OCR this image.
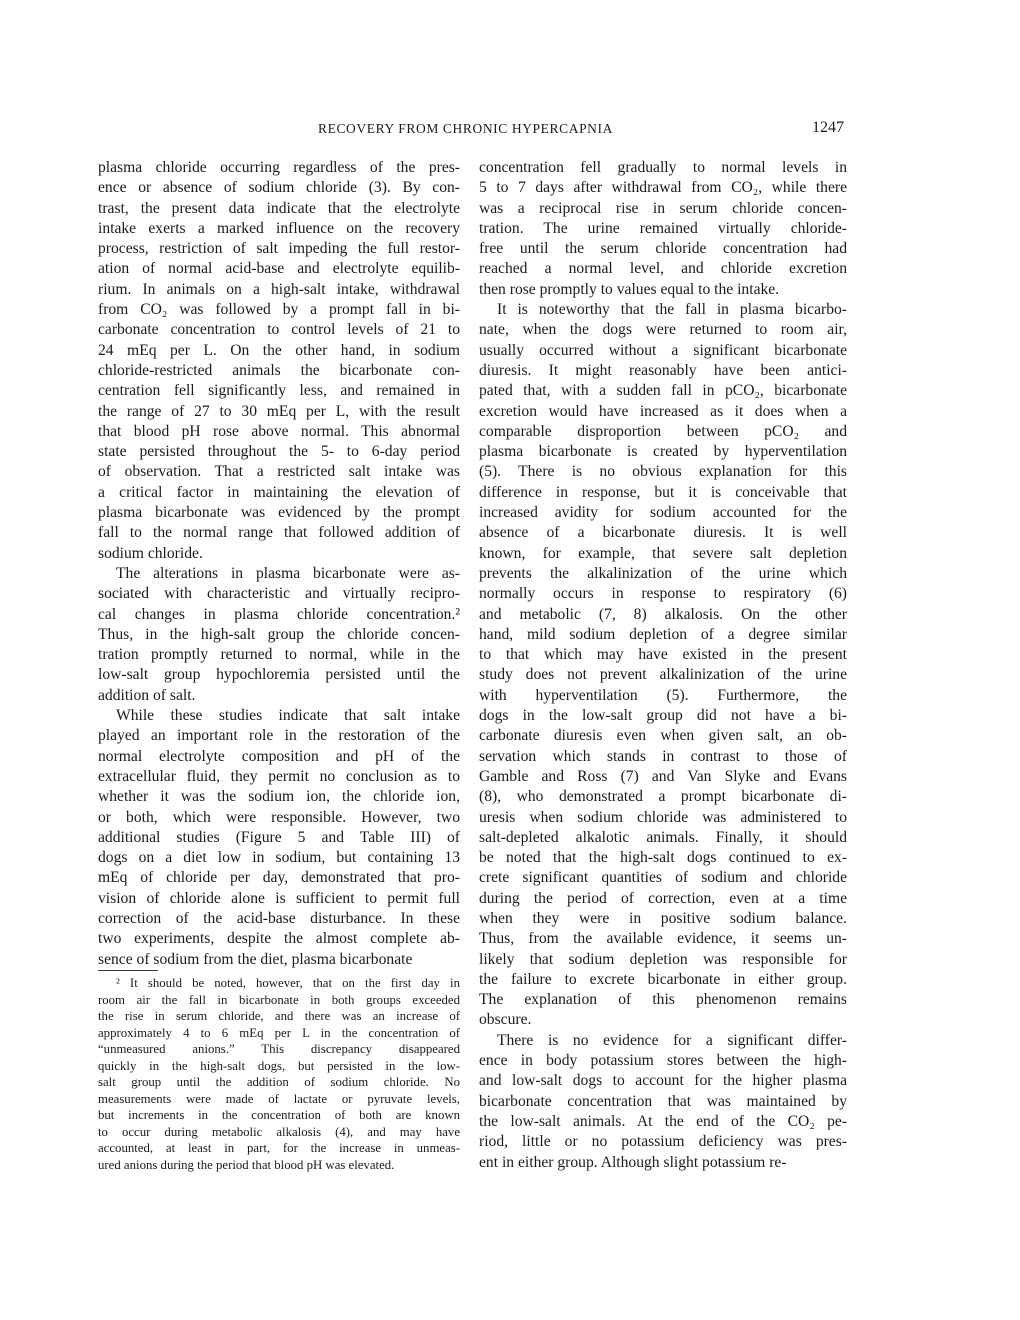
RECOVERY FROM CHRONIC HYPERCAPNIA	1247
plasma chloride occurring regardless of the pres-
ence or absence of sodium chloride (3). By con-
trast, the present data indicate that the electrolyte
intake exerts a marked influence on the recovery
process, restriction of salt impeding the full restor-
ation of normal acid-base and electrolyte equilib-
rium. In animals on a high-salt intake, withdrawal
from CO₂ was followed by a prompt fall in bi-
carbonate concentration to control levels of 21 to
24 mEq per L. On the other hand, in sodium
chloride-restricted animals the bicarbonate con-
centration fell significantly less, and remained in
the range of 27 to 30 mEq per L, with the result
that blood pH rose above normal. This abnormal
state persisted throughout the 5- to 6-day period
of observation. That a restricted salt intake was
a critical factor in maintaining the elevation of
plasma bicarbonate was evidenced by the prompt
fall to the normal range that followed addition of
sodium chloride.
The alterations in plasma bicarbonate were as-
sociated with characteristic and virtually recipro-
cal changes in plasma chloride concentration.²
Thus, in the high-salt group the chloride concen-
tration promptly returned to normal, while in the
low-salt group hypochloremia persisted until the
addition of salt.
While these studies indicate that salt intake
played an important role in the restoration of the
normal electrolyte composition and pH of the
extracellular fluid, they permit no conclusion as to
whether it was the sodium ion, the chloride ion,
or both, which were responsible. However, two
additional studies (Figure 5 and Table III) of
dogs on a diet low in sodium, but containing 13
mEq of chloride per day, demonstrated that pro-
vision of chloride alone is sufficient to permit full
correction of the acid-base disturbance. In these
two experiments, despite the almost complete ab-
sence of sodium from the diet, plasma bicarbonate
² It should be noted, however, that on the first day in
room air the fall in bicarbonate in both groups exceeded
the rise in serum chloride, and there was an increase of
approximately 4 to 6 mEq per L in the concentration of
“unmeasured anions.” This discrepancy disappeared
quickly in the high-salt dogs, but persisted in the low-
salt group until the addition of sodium chloride. No
measurements were made of lactate or pyruvate levels,
but increments in the concentration of both are known
to occur during metabolic alkalosis (4), and may have
accounted, at least in part, for the increase in unmeas-
ured anions during the period that blood pH was elevated.
concentration fell gradually to normal levels in
5 to 7 days after withdrawal from CO₂, while there
was a reciprocal rise in serum chloride concen-
tration. The urine remained virtually chloride-
free until the serum chloride concentration had
reached a normal level, and chloride excretion
then rose promptly to values equal to the intake.
It is noteworthy that the fall in plasma bicarbo-
nate, when the dogs were returned to room air,
usually occurred without a significant bicarbonate
diuresis. It might reasonably have been antici-
pated that, with a sudden fall in pCO₂, bicarbonate
excretion would have increased as it does when a
comparable disproportion between pCO₂ and
plasma bicarbonate is created by hyperventilation
(5). There is no obvious explanation for this
difference in response, but it is conceivable that
increased avidity for sodium accounted for the
absence of a bicarbonate diuresis. It is well
known, for example, that severe salt depletion
prevents the alkalinization of the urine which
normally occurs in response to respiratory (6)
and metabolic (7, 8) alkalosis. On the other
hand, mild sodium depletion of a degree similar
to that which may have existed in the present
study does not prevent alkalinization of the urine
with hyperventilation (5). Furthermore, the
dogs in the low-salt group did not have a bi-
carbonate diuresis even when given salt, an ob-
servation which stands in contrast to those of
Gamble and Ross (7) and Van Slyke and Evans
(8), who demonstrated a prompt bicarbonate di-
uresis when sodium chloride was administered to
salt-depleted alkalotic animals. Finally, it should
be noted that the high-salt dogs continued to ex-
crete significant quantities of sodium and chloride
during the period of correction, even at a time
when they were in positive sodium balance.
Thus, from the available evidence, it seems un-
likely that sodium depletion was responsible for
the failure to excrete bicarbonate in either group.
The explanation of this phenomenon remains
obscure.
There is no evidence for a significant differ-
ence in body potassium stores between the high-
and low-salt dogs to account for the higher plasma
bicarbonate concentration that was maintained by
the low-salt animals. At the end of the CO₂ pe-
riod, little or no potassium deficiency was pres-
ent in either group. Although slight potassium re-
